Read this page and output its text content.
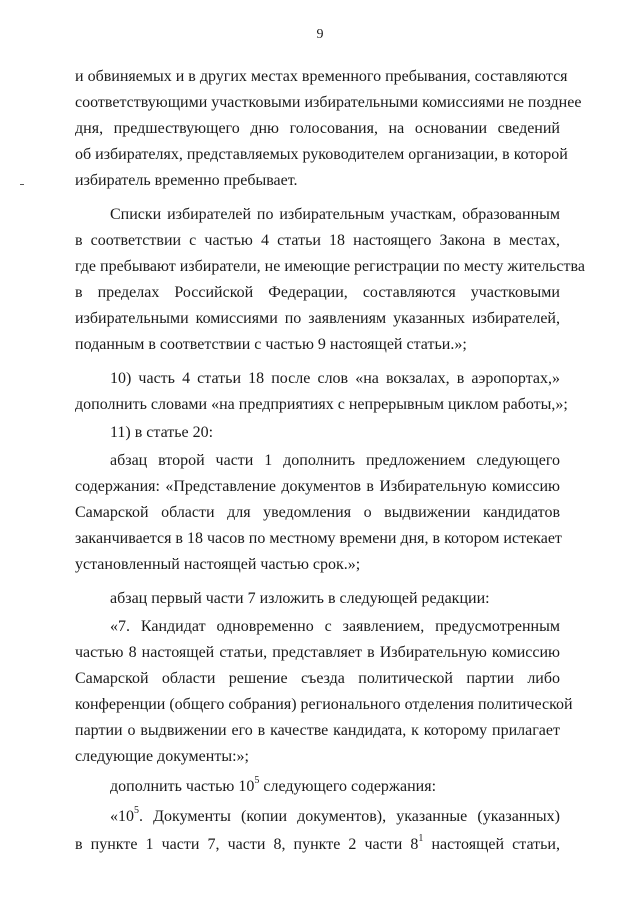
9
и обвиняемых и в других местах временного пребывания, составляются
соответствующими участковыми избирательными комиссиями не позднее
дня, предшествующего дню голосования, на основании сведений
об избирателях, представляемых руководителем организации, в которой
избиратель временно пребывает.
Списки избирателей по избирательным участкам, образованным
в соответствии с частью 4 статьи 18 настоящего Закона в местах,
где пребывают избиратели, не имеющие регистрации по месту жительства
в пределах Российской Федерации, составляются участковыми
избирательными комиссиями по заявлениям указанных избирателей,
поданным в соответствии с частью 9 настоящей статьи.»;
10) часть 4 статьи 18 после слов «на вокзалах, в аэропортах,»
дополнить словами «на предприятиях с непрерывным циклом работы,»;
11) в статье 20:
абзац второй части 1 дополнить предложением следующего
содержания: «Представление документов в Избирательную комиссию
Самарской области для уведомления о выдвижении кандидатов
заканчивается в 18 часов по местному времени дня, в котором истекает
установленный настоящей частью срок.»;
абзац первый части 7 изложить в следующей редакции:
«7. Кандидат одновременно с заявлением, предусмотренным
частью 8 настоящей статьи, представляет в Избирательную комиссию
Самарской области решение съезда политической партии либо
конференции (общего собрания) регионального отделения политической
партии о выдвижении его в качестве кандидата, к которому прилагает
следующие документы:»;
дополнить частью $10^5$ следующего содержания:
«$10^5$. Документы (копии документов), указанные (указанных)
в пункте 1 части 7, части 8, пункте 2 части $8^1$ настоящей статьи,
